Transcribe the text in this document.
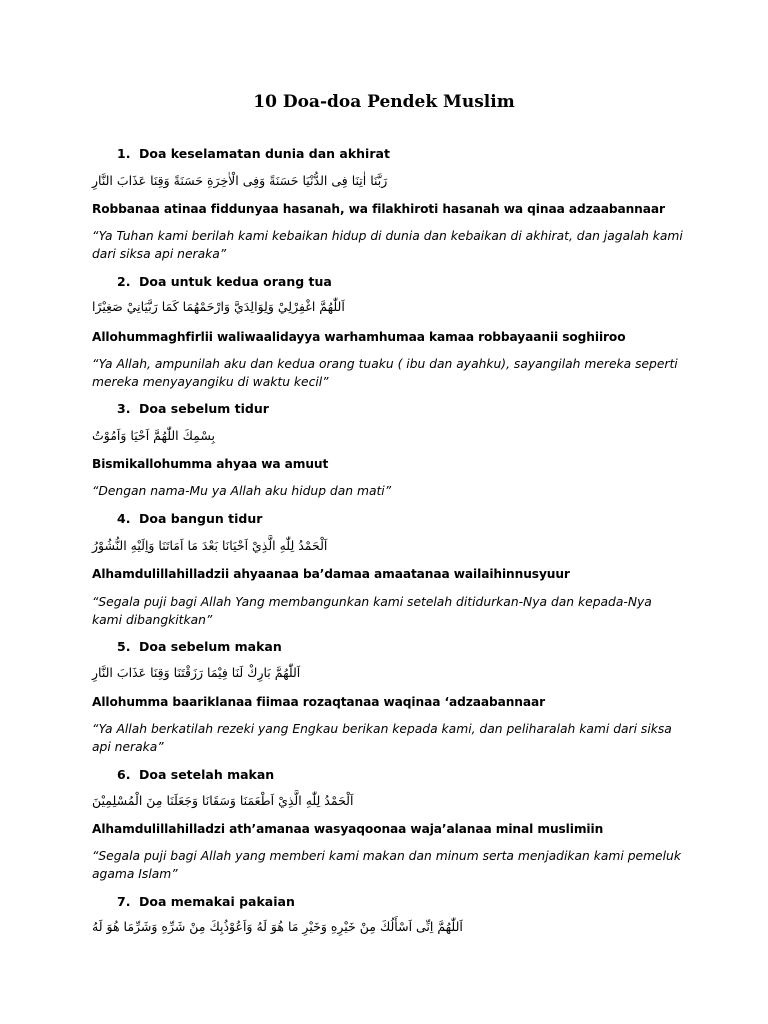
10 Doa-doa Pendek Muslim
1. Doa keselamatan dunia dan akhirat
رَبَّنَا اٰتِنَا فِى الدُّنْيَا حَسَنَةً وَفِى الْاٰخِرَةِ حَسَنَةً وَقِنَا عَذَابَ النَّارِ
Robbanaa atinaa fiddunyaa hasanah, wa filakhiroti hasanah wa qinaa adzaabannaar
“Ya Tuhan kami berilah kami kebaikan hidup di dunia dan kebaikan di akhirat, dan jagalah kami dari siksa api neraka”
2. Doa untuk kedua orang tua
اَللّٰهُمَّ اغْفِرْلِيْ وَلِوَالِدَيَّ وَارْحَمْهُمَا كَمَا رَبَّيَانِيْ صَغِيْرًا
Allohummaghfirlii waliwaalidayya warhamhumaa kamaa robbayaanii soghiiroo
“Ya Allah, ampunilah aku dan kedua orang tuaku ( ibu dan ayahku), sayangilah mereka seperti mereka menyayangiku di waktu kecil”
3. Doa sebelum tidur
بِسْمِكَ اللّٰهُمَّ اَحْيَا وَاَمُوْتُ
Bismikallohumma ahyaa wa amuut
“Dengan nama-Mu ya Allah aku hidup dan mati”
4. Doa bangun tidur
اَلْحَمْدُ لِلّٰهِ الَّذِيْ اَحْيَانَا بَعْدَ مَا اَمَاتَنَا وَاِلَيْهِ النُّشُوْرُ
Alhamdulillahilladzii ahyaanaa ba’damaa amaatanaa wailaihinnusyuur
“Segala puji bagi Allah Yang membangunkan kami setelah ditidurkan-Nya dan kepada-Nya kami dibangkitkan”
5. Doa sebelum makan
اَللّٰهُمَّ بَارِكْ لَنَا فِيْمَا رَزَقْتَنَا وَقِنَا عَذَابَ النَّارِ
Allohumma baariklanaa fiimaa rozaqtanaa waqinaa ‘adzaabannaar
“Ya Allah berkatilah rezeki yang Engkau berikan kepada kami, dan peliharalah kami dari siksa api neraka”
6. Doa setelah makan
اَلْحَمْدُ لِلّٰهِ الَّذِيْ اَطْعَمَنَا وَسَقَانَا وَجَعَلَنَا مِنَ الْمُسْلِمِيْنَ
Alhamdulillahilladzi ath’amanaa wasyaqoonaa waja’alanaa minal muslimiin
“Segala puji bagi Allah yang memberi kami makan dan minum serta menjadikan kami pemeluk agama Islam”
7. Doa memakai pakaian
اَللّٰهُمَّ اِنِّى اَسْأَلُكَ مِنْ خَيْرِهِ وَخَيْرِ مَا هُوَ لَهُ وَاَعُوْذُبِكَ مِنْ شَرِّهِ وَشَرِّمَا هُوَ لَهُ
